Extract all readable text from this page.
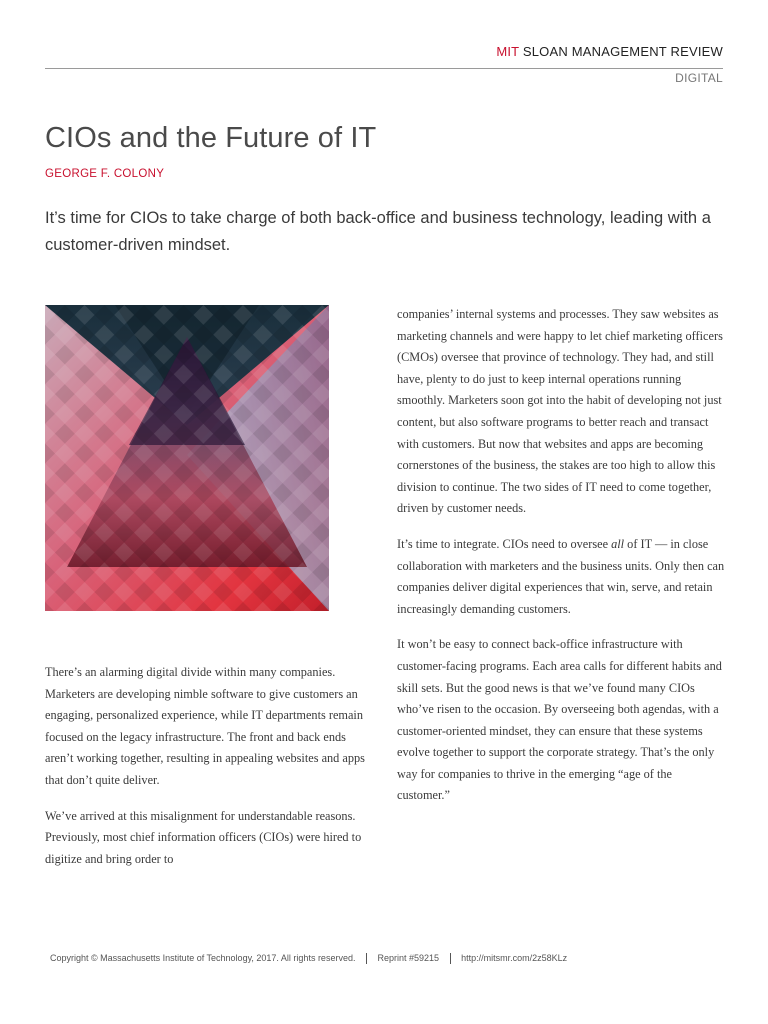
MIT SLOAN MANAGEMENT REVIEW
DIGITAL
CIOs and the Future of IT
GEORGE F. COLONY

It’s time for CIOs to take charge of both back-office and business technology, leading with a customer-driven mindset.

There’s an alarming digital divide within many companies. Marketers are developing nimble software to give customers an engaging, personalized experience, while IT departments remain focused on the legacy infrastructure. The front and back ends aren’t working together, resulting in appealing websites and apps that don’t quite deliver.

We’ve arrived at this misalignment for understandable reasons. Previously, most chief information officers (CIOs) were hired to digitize and bring order to

companies’ internal systems and processes. They saw websites as marketing channels and were happy to let chief marketing officers (CMOs) oversee that province of technology. They had, and still have, plenty to do just to keep internal operations running smoothly. Marketers soon got into the habit of developing not just content, but also software programs to better reach and transact with customers. But now that websites and apps are becoming cornerstones of the business, the stakes are too high to allow this division to continue. The two sides of IT need to come together, driven by customer needs.

It’s time to integrate. CIOs need to oversee all of IT — in close collaboration with marketers and the business units. Only then can companies deliver digital experiences that win, serve, and retain increasingly demanding customers.

It won’t be easy to connect back-office infrastructure with customer-facing programs. Each area calls for different habits and skill sets. But the good news is that we’ve found many CIOs who’ve risen to the occasion. By overseeing both agendas, with a customer-oriented mindset, they can ensure that these systems evolve together to support the corporate strategy. That’s the only way for companies to thrive in the emerging “age of the customer.”

Copyright © Massachusetts Institute of Technology, 2017. All rights reserved. Reprint #59215 http://mitsmr.com/2z58KLz
